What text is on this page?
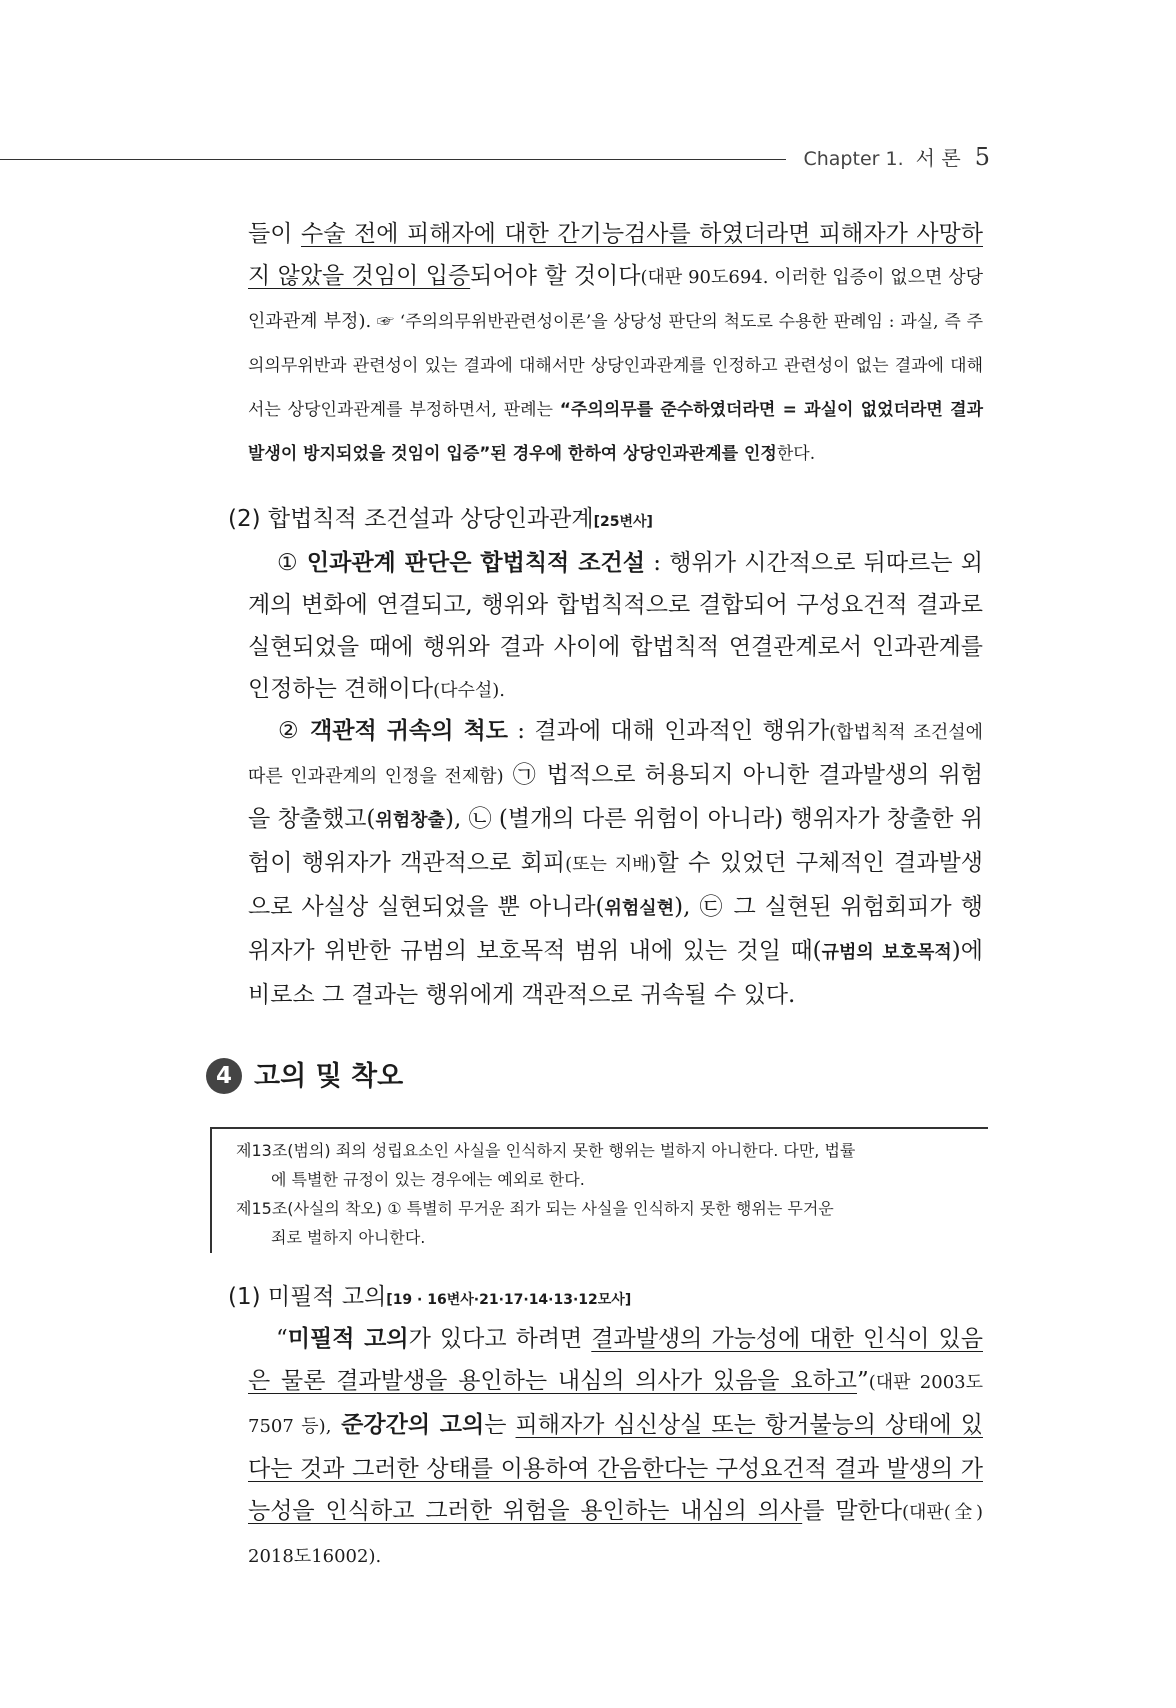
Chapter 1. 서 론 5

들이 수술 전에 피해자에 대한 간기능검사를 하였더라면 피해자가 사망하지 않았을 것임이 입증되어야 할 것이다(대판 90도694. 이러한 입증이 없으면 상당인과관계 부정). ☞ ‘주의의무위반관련성이론’을 상당성 판단의 척도로 수용한 판례임 : 과실, 즉 주의의무위반과 관련성이 있는 결과에 대해서만 상당인과관계를 인정하고 관련성이 없는 결과에 대해서는 상당인과관계를 부정하면서, 판례는 “주의의무를 준수하였더라면 = 과실이 없었더라면 결과발생이 방지되었을 것임이 입증”된 경우에 한하여 상당인과관계를 인정한다.

(2) 합법칙적 조건설과 상당인과관계[25변사]

① 인과관계 판단은 합법칙적 조건설 : 행위가 시간적으로 뒤따르는 외계의 변화에 연결되고, 행위와 합법칙적으로 결합되어 구성요건적 결과로 실현되었을 때에 행위와 결과 사이에 합법칙적 연결관계로서 인과관계를 인정하는 견해이다(다수설).

② 객관적 귀속의 척도 : 결과에 대해 인과적인 행위가(합법칙적 조건설에 따른 인과관계의 인정을 전제함) ㉠ 법적으로 허용되지 아니한 결과발생의 위험을 창출했고(위험창출), ㉡ (별개의 다른 위험이 아니라) 행위자가 창출한 위험이 행위자가 객관적으로 회피(또는 지배)할 수 있었던 구체적인 결과발생으로 사실상 실현되었을 뿐 아니라(위험실현), ㉢ 그 실현된 위험회피가 행위자가 위반한 규범의 보호목적 범위 내에 있는 것일 때(규범의 보호목적)에 비로소 그 결과는 행위에게 객관적으로 귀속될 수 있다.

4 고의 및 착오
제13조(범의) 죄의 성립요소인 사실을 인식하지 못한 행위는 벌하지 아니한다. 다만, 법률
에 특별한 규정이 있는 경우에는 예외로 한다.
제15조(사실의 착오) ① 특별히 무거운 죄가 되는 사실을 인식하지 못한 행위는 무거운
죄로 벌하지 아니한다.
(1) 미필적 고의[19 · 16변사·21·17·14·13·12모사]

“미필적 고의가 있다고 하려면 결과발생의 가능성에 대한 인식이 있음은 물론 결과발생을 용인하는 내심의 의사가 있음을 요하고”(대판 2003도7507 등), 준강간의 고의는 피해자가 심신상실 또는 항거불능의 상태에 있다는 것과 그러한 상태를 이용하여 간음한다는 구성요건적 결과 발생의 가능성을 인식하고 그러한 위험을 용인하는 내심의 의사를 말한다(대판(全) 2018도16002).
